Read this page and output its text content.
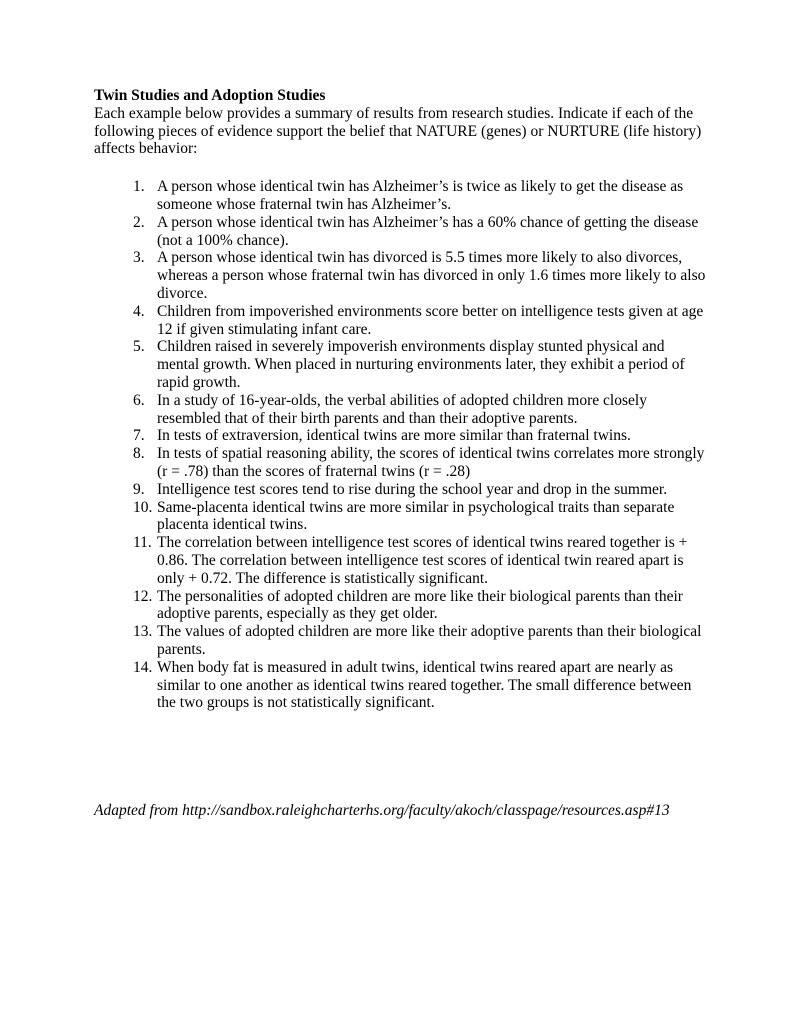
Twin Studies and Adoption Studies

Each example below provides a summary of results from research studies. Indicate if each of the following pieces of evidence support the belief that NATURE (genes) or NURTURE (life history) affects behavior:

1. A person whose identical twin has Alzheimer’s is twice as likely to get the disease as someone whose fraternal twin has Alzheimer’s.
2. A person whose identical twin has Alzheimer’s has a 60% chance of getting the disease (not a 100% chance).
3. A person whose identical twin has divorced is 5.5 times more likely to also divorces, whereas a person whose fraternal twin has divorced in only 1.6 times more likely to also divorce.
4. Children from impoverished environments score better on intelligence tests given at age 12 if given stimulating infant care.
5. Children raised in severely impoverish environments display stunted physical and mental growth. When placed in nurturing environments later, they exhibit a period of rapid growth.
6. In a study of 16-year-olds, the verbal abilities of adopted children more closely resembled that of their birth parents and than their adoptive parents.
7. In tests of extraversion, identical twins are more similar than fraternal twins.
8. In tests of spatial reasoning ability, the scores of identical twins correlates more strongly (r = .78) than the scores of fraternal twins (r = .28)
9. Intelligence test scores tend to rise during the school year and drop in the summer.
10. Same-placenta identical twins are more similar in psychological traits than separate placenta identical twins.
11. The correlation between intelligence test scores of identical twins reared together is + 0.86. The correlation between intelligence test scores of identical twin reared apart is only + 0.72. The difference is statistically significant.
12. The personalities of adopted children are more like their biological parents than their adoptive parents, especially as they get older.
13. The values of adopted children are more like their adoptive parents than their biological parents.
14. When body fat is measured in adult twins, identical twins reared apart are nearly as similar to one another as identical twins reared together. The small difference between the two groups is not statistically significant.

Adapted from http://sandbox.raleighcharterhs.org/faculty/akoch/classpage/resources.asp#13
